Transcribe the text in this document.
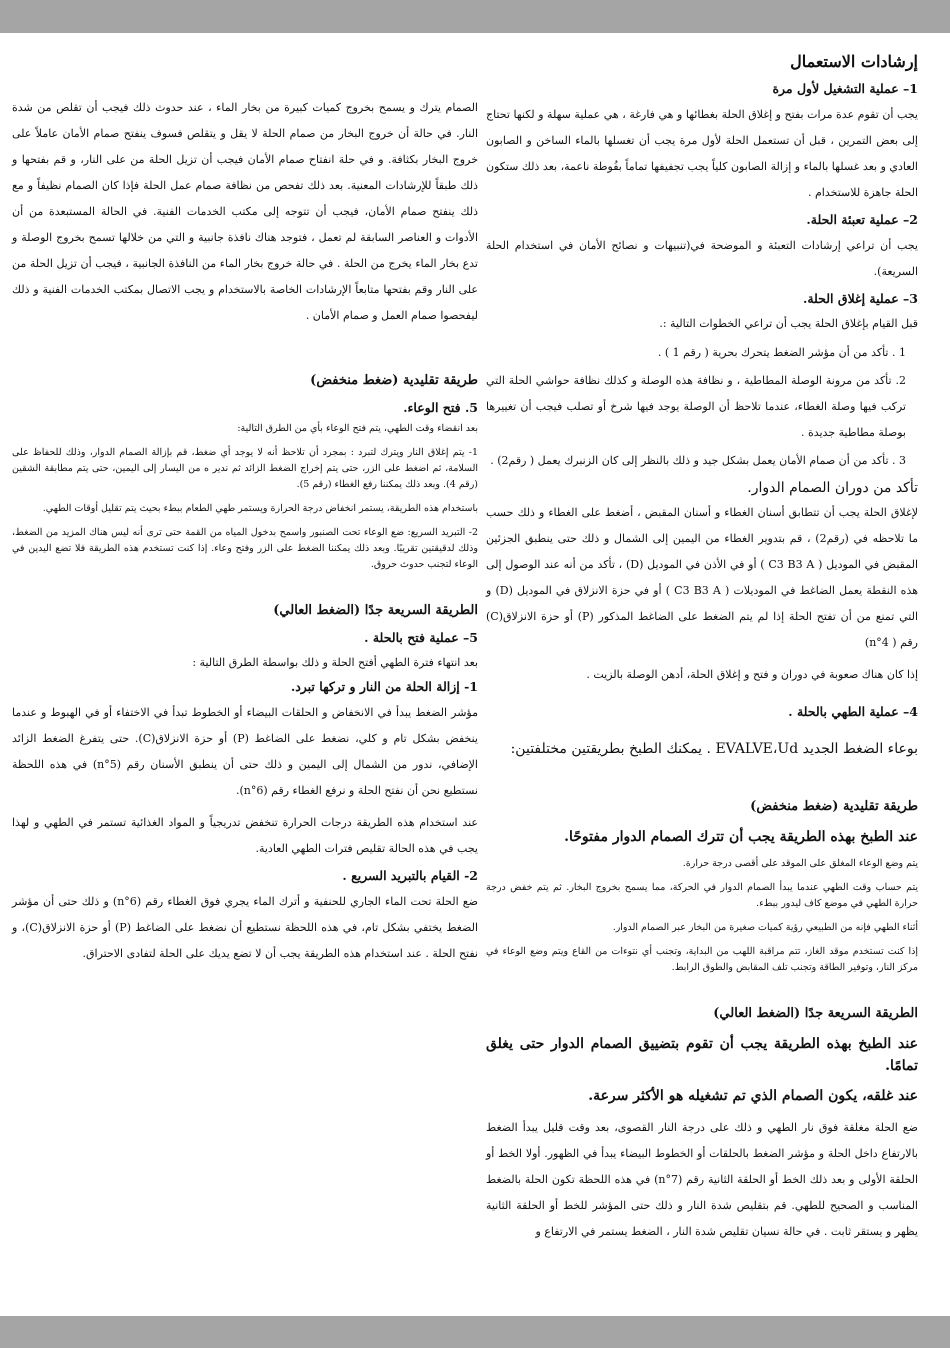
إرشادات الاستعمال

1– عملية التشغيل لأول مرة

يجب أن تقوم عدة مرات بفتح و إغلاق الحلة بغطائها و هي فارغة ، هي عملية سهلة و لكنها تحتاج إلى بعض التمرين ، قبل أن تستعمل الحلة لأول مرة يجب أن تغسلها بالماء الساخن و الصابون العادي و بعد غسلها بالماء و إزالة الصابون كلياً يجب تجفيفها تماماً بفُوطة ناعمة، بعد ذلك ستكون الحلة جاهزة للاستخدام .

2– عملية تعبئة الحلة.

يجب أن تراعي إرشادات التعبئة و الموضحة في(تنبيهات و نصائح الأمان في استخدام الحلة السريعة).

3– عملية إغلاق الحلة.

قبل القيام بإغلاق الحلة يجب أن تراعي الخطوات التالية :.

1 . تأكد من أن مؤشر الضغط يتحرك بحرية ( رقم 1 ) .

2. تأكد من مرونة الوصلة المطاطية ، و نظافة هذه الوصلة و كذلك نظافة حواشي الحلة التي تركب فيها وصلة الغطاء، عندما تلاحظ أن الوصلة يوجد فيها شرخ أو تصلب فيجب أن تغييرها بوصلة مطاطية جديدة .

3 . تأكد من أن صمام الأمان يعمل بشكل جيد و ذلك بالنظر إلى كان الزنبرك يعمل ( رقم2) .

تأكد من دوران الصمام الدوار.

لإغلاق الحلة يجب أن تتطابق أسنان الغطاء و أسنان المقبض ، أضغط على الغطاء و ذلك حسب ما تلاحظه في (رقم2) ، قم بتدوير الغطاء من اليمين إلى الشمال و ذلك حتى ينطبق الجزئين المقبض في الموديل ( C3 B3 A ) أو في الأذن في الموديل (D) ، تأكد من أنه عند الوصول إلى هذه النقطة يعمل الضاغط في الموديلات ( C3 B3 A ) أو في حزة الانزلاق في الموديل (D) و التي تمنع من أن تفتح الحلة إذا لم يتم الضغط على الضاغط المذكور (P) أو حزة الانزلاق(C) رقم ( n°4)

إذا كان هناك صعوبة في دوران و فتح و إغلاق الحلة، أدهن الوصلة بالزيت .

4– عملية الطهي بالحلة .

بوعاء الضغط الجديد EVALVE،Ud . يمكنك الطبخ بطريقتين مختلفتين:

طريقة تقليدية (ضغط منخفض)

عند الطبخ بهذه الطريقة يجب أن تترك الصمام الدوار مفتوحًا.

يتم وضع الوعاء المغلق على الموقد على أقصى درجة حرارة.

يتم حساب وقت الطهي عندما يبدأ الصمام الدوار في الحركة، مما يسمح بخروج البخار. ثم يتم خفض درجة حرارة الطهي في موضع كاف ليدور ببطء.

أثناء الطهي فإنه من الطبيعي رؤية كميات صغيرة من البخار عبر الصمام الدوار.

إذا كنت تستخدم موقد الغاز، تتم مراقبة اللهب من البداية، وتجنب أي نتوءات من القاع ويتم وضع الوعاء في مركز النار، وتوفير الطاقة وتجنب تلف المقابض والطوق الرابط.

الطريقة السريعة جدًا (الضغط العالي)

عند الطبخ بهذه الطريقة يجب أن تقوم بتضييق الصمام الدوار حتى يغلق تمامًا.

عند غلقه، يكون الصمام الذي تم تشغيله هو الأكثر سرعة.

ضع الحلة مغلقة فوق نار الطهي و ذلك على درجة النار القصوى، بعد وقت قليل يبدأ الضغط بالارتفاع داخل الحلة و مؤشر الضغط بالحلقات أو الخطوط البيضاء يبدأ في الظهور. أولا الخط أو الحلقة الأولى و بعد ذلك الخط أو الحلقة الثانية رقم (n°7) في هذه اللحظة تكون الحلة بالضغط المناسب و الصحيح للطهي. قم بتقليص شدة النار و ذلك حتى المؤشر للخط أو الحلقة الثانية يظهر و يستقر ثابت . في حالة نسيان تقليص شدة النار ، الضغط يستمر في الارتفاع و

الصمام يترك و يسمح بخروج كميات كبيرة من بخار الماء ، عند حدوث ذلك فيجب أن تقلص من شدة النار. في حالة أن خروج البخار من صمام الحلة لا يقل و يتقلص فسوف ينفتح صمام الأمان عاملاً على خروج البخار بكثافة. و في حلة انفتاح صمام الأمان فيجب أن تزيل الحلة من على النار، و قم بفتحها و ذلك طبقاً للإرشادات المعنية. بعد ذلك تفحص من نظافة صمام عمل الحلة فإذا كان الصمام نظيفاً و مع ذلك ينفتح صمام الأمان، فيجب أن تتوجه إلى مكتب الخدمات الفنية. في الحالة المستبعدة من أن الأدوات و العناصر السابقة لم تعمل ، فتوجد هناك نافذة جانبية و التي من خلالها تسمح بخروج الوصلة و تدع بخار الماء يخرج من الحلة . في حالة خروج بخار الماء من النافذة الجانبية ، فيجب أن تزيل الحلة من على النار وقم بفتحها متابعاً الإرشادات الخاصة بالاستخدام و يجب الاتصال بمكتب الخدمات الفنية و ذلك ليفحصوا صمام العمل و صمام الأمان .

طريقة تقليدية (ضغط منخفض)

5. فتح الوعاء.

بعد انقضاء وقت الطهي، يتم فتح الوعاء بأي من الطرق التالية:

1- يتم إغلاق النار ويترك لتبرد : بمجرد أن تلاحظ أنه لا يوجد أي ضغط، قم بإزالة الصمام الدوار، وذلك للحفاظ على السلامة، ثم اضغط على الزر، حتى يتم إخراج الضغط الزائد ثم ندير ه من اليسار إلى اليمين، حتى يتم مطابقة الشقين (رقم 4). وبعد ذلك يمكننا رفع الغطاء (رقم 5).

باستخدام هذه الطريقة، يستمر انخفاض درجة الحرارة ويستمر طهي الطعام ببطء بحيث يتم تقليل أوقات الطهي.

2- التبريد السريع: ضع الوعاء تحت الصنبور واسمح بدخول المياه من القمة حتى ترى أنه ليس هناك المزيد من الضغط، وذلك لدقيقتين تقريبًا. وبعد ذلك يمكننا الضغط على الزر وفتح وعاء. إذا كنت تستخدم هذه الطريقة فلا تضع اليدين في الوعاء لتجنب حدوث حروق.

الطريقة السريعة جدًا (الضغط العالي)

5– عملية فتح بالحلة .

بعد انتهاء فترة الطهي أفتح الحلة و ذلك بواسطة الطرق التالية :

1- إزالة الحلة من النار و تركها تبرد.

مؤشر الضغط يبدأ في الانخفاض و الحلقات البيضاء أو الخطوط تبدأ في الاختفاء أو في الهبوط و عندما ينخفض بشكل تام و كلي، نضغط على الضاغط (P) أو حزة الانزلاق(C). حتى يتفرغ الضغط الزائد الإضافي، ندور من الشمال إلى اليمين و ذلك حتى أن ينطبق الأسنان رقم (n°5) في هذه اللحظة نستطيع نحن أن نفتح الحلة و نرفع الغطاء رقم (n°6).

عند استخدام هذه الطريقة درجات الحرارة تنخفض تدريجياً و المواد الغذائية تستمر في الطهي و لهذا يجب في هذه الحالة تقليص فترات الطهي العادية.

2- القيام بالتبريد السريع .

ضع الحلة تحت الماء الجاري للحنفية و أترك الماء يجري فوق الغطاء رقم (n°6) و ذلك حتى أن مؤشر الضغط يختفي بشكل تام، في هذه اللحظة نستطيع أن نضغط على الضاغط (P) أو حزة الانزلاق(C)، و نفتح الحلة . عند استخدام هذه الطريقة يجب أن لا تضع يديك على الحلة لتفادى الاحتراق.
